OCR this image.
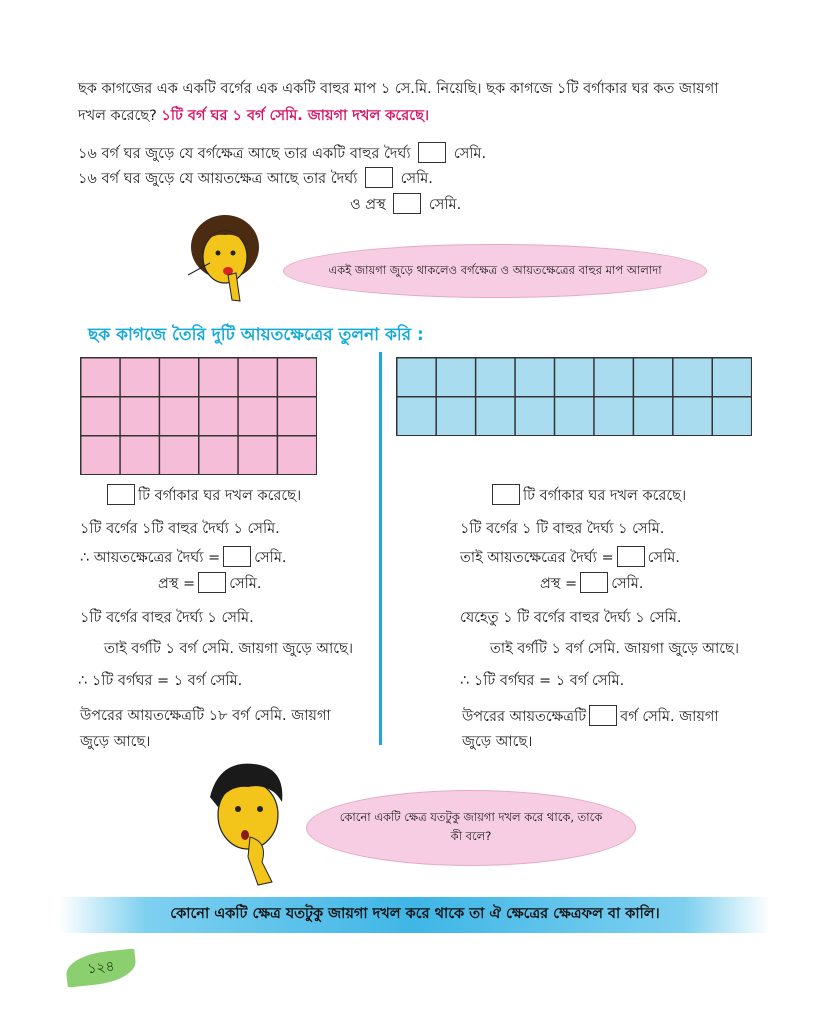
ছক কাগজের এক একটি বর্গের এক একটি বাহুর মাপ ১ সে.মি. নিয়েছি। ছক কাগজে ১টি বর্গাকার ঘর কত জায়গা
দখল করেছে? ১টি বর্গ ঘর ১ বর্গ সেমি. জায়গা দখল করেছে।
১৬ বর্গ ঘর জুড়ে যে বর্গক্ষেত্র আছে তার একটি বাহুর দৈর্ঘ্য	সেমি.
১৬ বর্গ ঘর জুড়ে যে আয়তক্ষেত্র আছে তার দৈর্ঘ্য	সেমি.
ও প্রস্থ	সেমি.
একই জায়গা জুড়ে থাকলেও বর্গক্ষেত্র ও আয়তক্ষেত্রের বাহুর মাপ আলাদা
ছক কাগজে তৈরি দুটি আয়তক্ষেত্রের তুলনা করি :
টি বর্গাকার ঘর দখল করেছে।
১টি বর্গের ১টি বাহুর দৈর্ঘ্য ১ সেমি.
∴ আয়তক্ষেত্রের দৈর্ঘ্য = সেমি.
প্রস্থ = সেমি.
১টি বর্গের বাহুর দৈর্ঘ্য ১ সেমি.
তাই বর্গটি ১ বর্গ সেমি. জায়গা জুড়ে আছে।
∴ ১টি বর্গঘর = ১ বর্গ সেমি.
উপরের আয়তক্ষেত্রটি ১৮ বর্গ সেমি. জায়গা
জুড়ে আছে।
টি বর্গাকার ঘর দখল করেছে।
১টি বর্গের ১ টি বাহুর দৈর্ঘ্য ১ সেমি.
তাই আয়তক্ষেত্রের দৈর্ঘ্য = সেমি.
প্রস্থ = সেমি.
যেহেতু ১ টি বর্গের বাহুর দৈর্ঘ্য ১ সেমি.
তাই বর্গটি ১ বর্গ সেমি. জায়গা জুড়ে আছে।
∴ ১টি বর্গঘর = ১ বর্গ সেমি.
উপরের আয়তক্ষেত্রটি বর্গ সেমি. জায়গা
জুড়ে আছে।
কোনো একটি ক্ষেত্র যতটুকু জায়গা দখল করে থাকে, তাকে কী বলে?
কোনো একটি ক্ষেত্র যতটুকু জায়গা দখল করে থাকে তা ঐ ক্ষেত্রের ক্ষেত্রফল বা কালি।
১২৪
